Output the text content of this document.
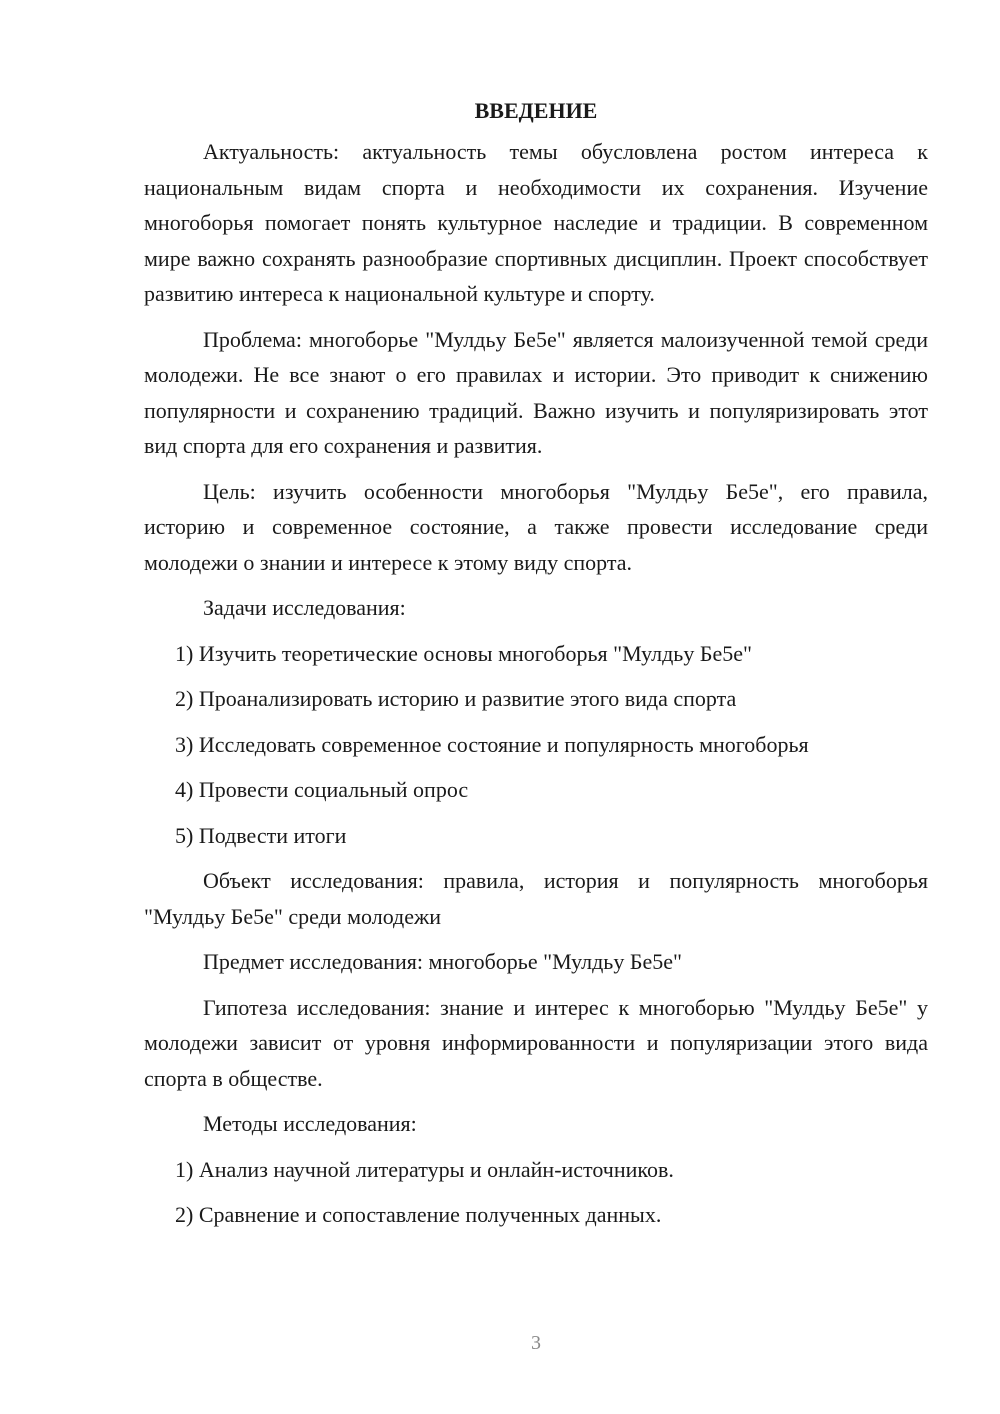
ВВЕДЕНИЕ

Актуальность: актуальность темы обусловлена ростом интереса к национальным видам спорта и необходимости их сохранения. Изучение многоборья помогает понять культурное наследие и традиции. В современном мире важно сохранять разнообразие спортивных дисциплин. Проект способствует развитию интереса к национальной культуре и спорту.

Проблема: многоборье "Мулдьу Бе5е" является малоизученной темой среди молодежи. Не все знают о его правилах и истории. Это приводит к снижению популярности и сохранению традиций. Важно изучить и популяризировать этот вид спорта для его сохранения и развития.

Цель: изучить особенности многоборья "Мулдьу Бе5е", его правила, историю и современное состояние, а также провести исследование среди молодежи о знании и интересе к этому виду спорта.

Задачи исследования:

1) Изучить теоретические основы многоборья "Мулдьу Бе5е"
2) Проанализировать историю и развитие этого вида спорта
3) Исследовать современное состояние и популярность многоборья
4) Провести социальный опрос
5) Подвести итоги

Объект исследования: правила, история и популярность многоборья "Мулдьу Бе5е" среди молодежи

Предмет исследования: многоборье "Мулдьу Бе5е"

Гипотеза исследования: знание и интерес к многоборью "Мулдьу Бе5е" у молодежи зависит от уровня информированности и популяризации этого вида спорта в обществе.

Методы исследования:

1) Анализ научной литературы и онлайн-источников.
2) Сравнение и сопоставление полученных данных.
3
